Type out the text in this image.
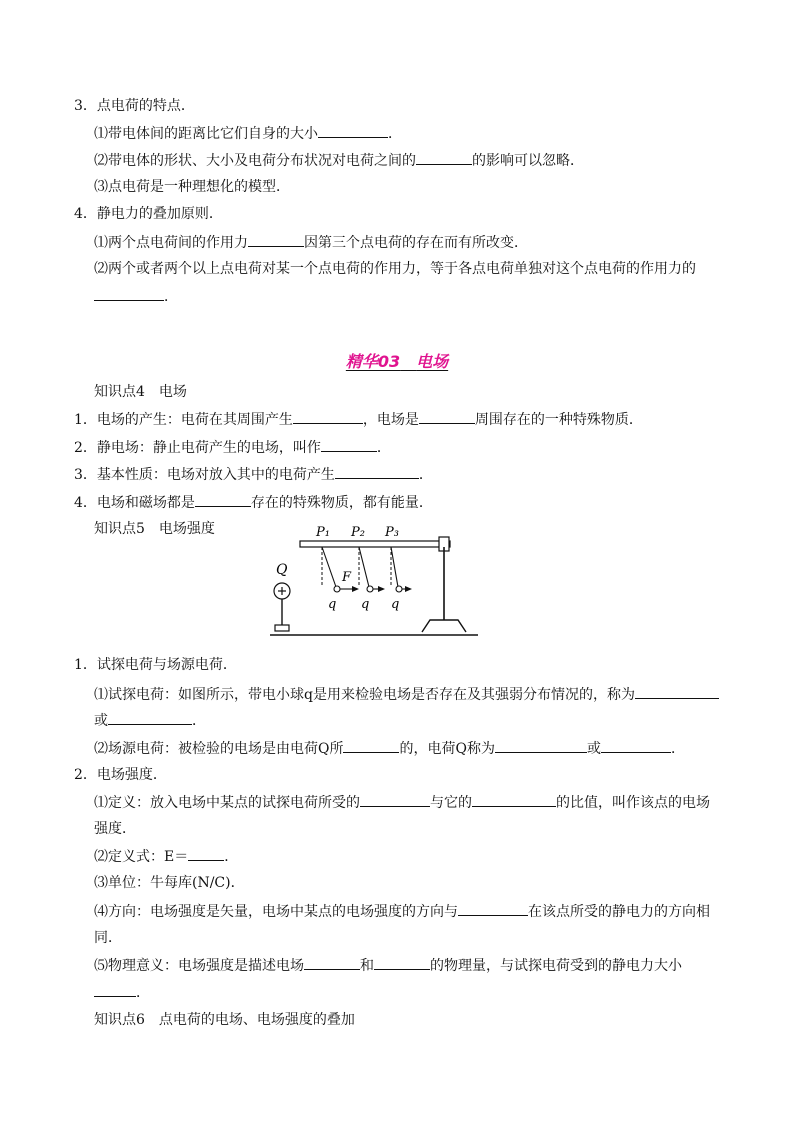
3．点电荷的特点．
⑴带电体间的距离比它们自身的大小	．
⑵带电体的形状、大小及电荷分布状况对电荷之间的	的影响可以忽略．
⑶点电荷是一种理想化的模型．
4．静电力的叠加原则．
⑴两个点电荷间的作用力	因第三个点电荷的存在而有所改变．
⑵两个或者两个以上点电荷对某一个点电荷的作用力，等于各点电荷单独对这个点电荷的作用力的
．
精华03　 电场
知识点4　电场
1．电场的产生：电荷在其周围产生	，电场是	周围存在的一种特殊物质．
2．静电场：静止电荷产生的电场，叫作	．
3．基本性质：电场对放入其中的电荷产生	．
4．电场和磁场都是	存在的特殊物质，都有能量．
知识点5　电场强度
Q
P₁ P₂ P₃
F
q q q
1．试探电荷与场源电荷．
⑴试探电荷：如图所示，带电小球q是用来检验电场是否存在及其强弱分布情况的，称为
或	．
⑵场源电荷：被检验的电场是由电荷Q所	的，电荷Q称为	或	．
2．电场强度．
⑴定义：放入电场中某点的试探电荷所受的	与它的	的比值，叫作该点的电场
强度．
⑵定义式：E＝	．
⑶单位：牛每库(N/C)．
⑷方向：电场强度是矢量，电场中某点的电场强度的方向与	在该点所受的静电力的方向相
同．
⑸物理意义：电场强度是描述电场	和	的物理量，与试探电荷受到的静电力大小
．
知识点6　点电荷的电场、电场强度的叠加
